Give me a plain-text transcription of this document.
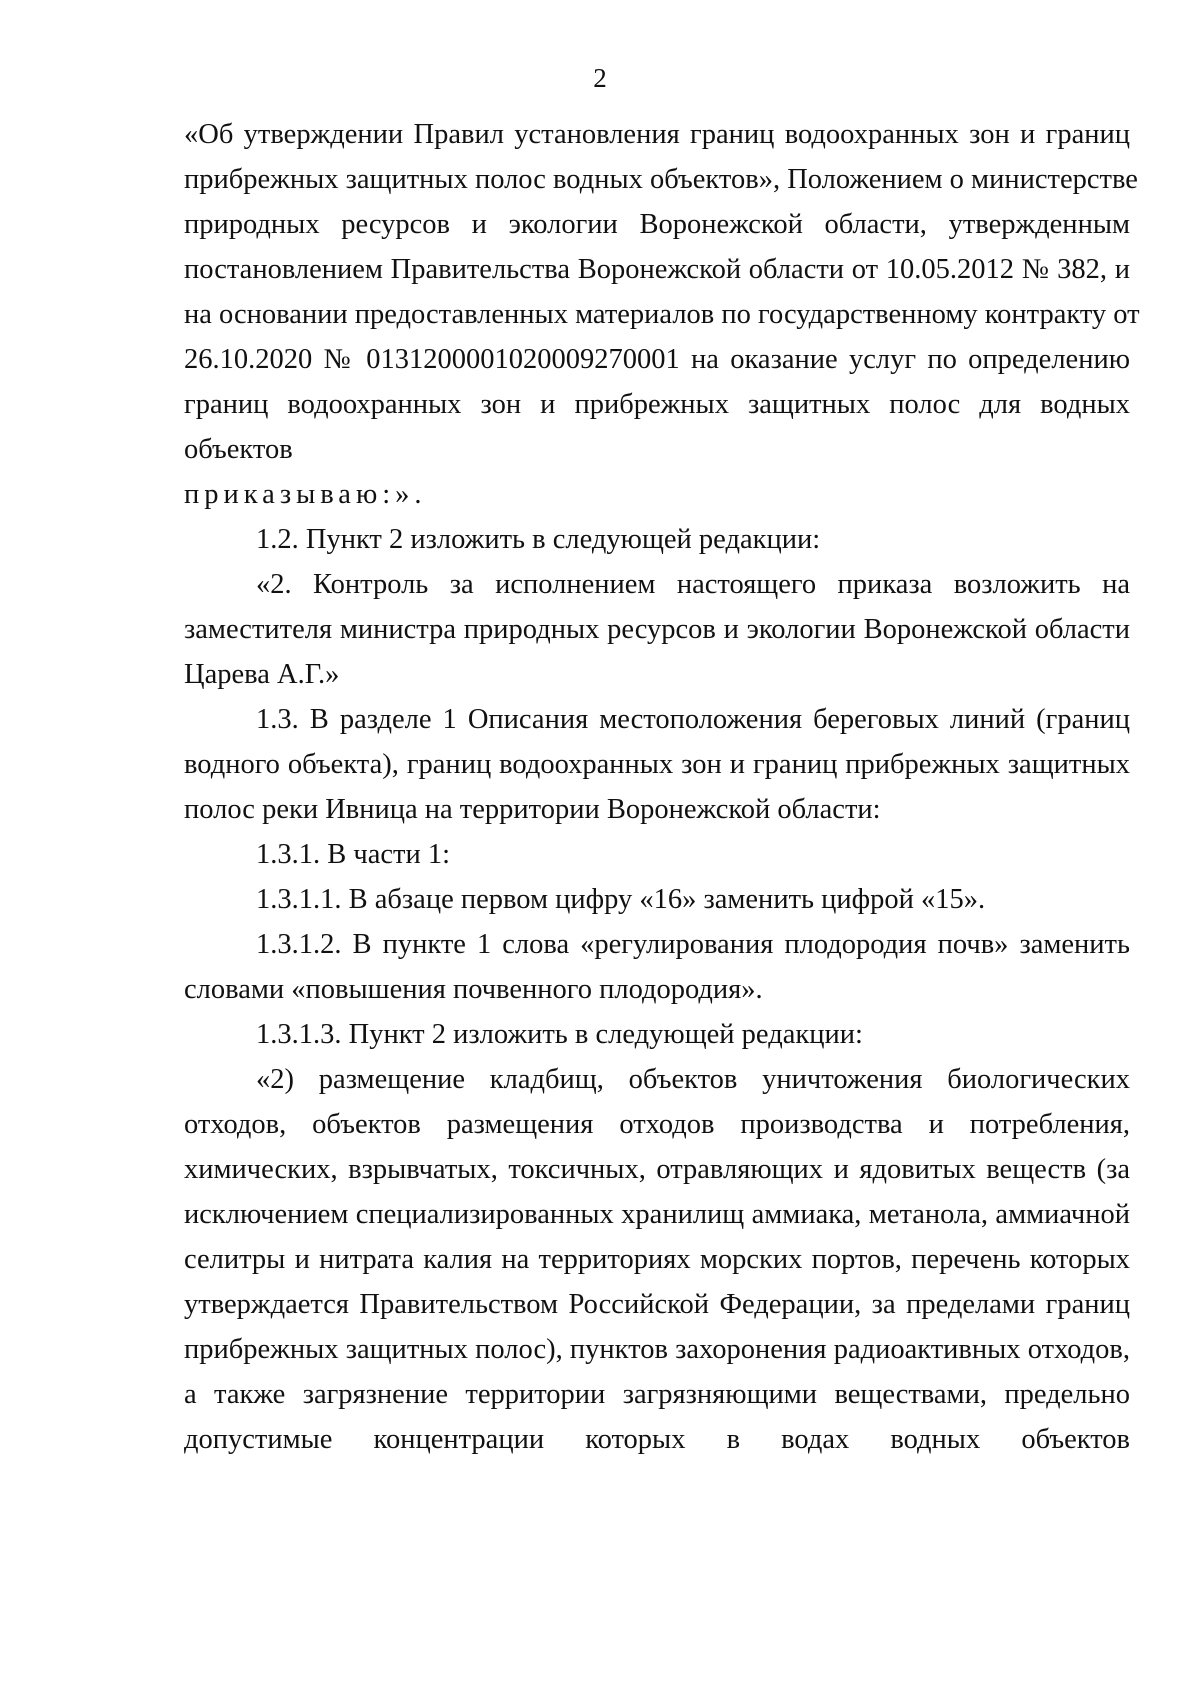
2
«Об утверждении Правил установления границ водоохранных зон и границ
прибрежных защитных полос водных объектов», Положением о министерстве
природных ресурсов и экологии Воронежской области, утвержденным
постановлением Правительства Воронежской области от 10.05.2012 № 382, и
на основании предоставленных материалов по государственному контракту от
26.10.2020 № 0131200001020009270001 на оказание услуг по определению
границ водоохранных зон и прибрежных защитных полос для водных
объектов
приказываю:».
1.2. Пункт 2 изложить в следующей редакции:
«2. Контроль за исполнением настоящего приказа возложить на
заместителя министра природных ресурсов и экологии Воронежской области
Царева А.Г.»
1.3. В разделе 1 Описания местоположения береговых линий (границ
водного объекта), границ водоохранных зон и границ прибрежных защитных
полос реки Ивница на территории Воронежской области:
1.3.1. В части 1:
1.3.1.1. В абзаце первом цифру «16» заменить цифрой «15».
1.3.1.2. В пункте 1 слова «регулирования плодородия почв» заменить
словами «повышения почвенного плодородия».
1.3.1.3. Пункт 2 изложить в следующей редакции:
«2) размещение кладбищ, объектов уничтожения биологических
отходов, объектов размещения отходов производства и потребления,
химических, взрывчатых, токсичных, отравляющих и ядовитых веществ (за
исключением специализированных хранилищ аммиака, метанола, аммиачной
селитры и нитрата калия на территориях морских портов, перечень которых
утверждается Правительством Российской Федерации, за пределами границ
прибрежных защитных полос), пунктов захоронения радиоактивных отходов,
а также загрязнение территории загрязняющими веществами, предельно
допустимые концентрации которых в водах водных объектов
